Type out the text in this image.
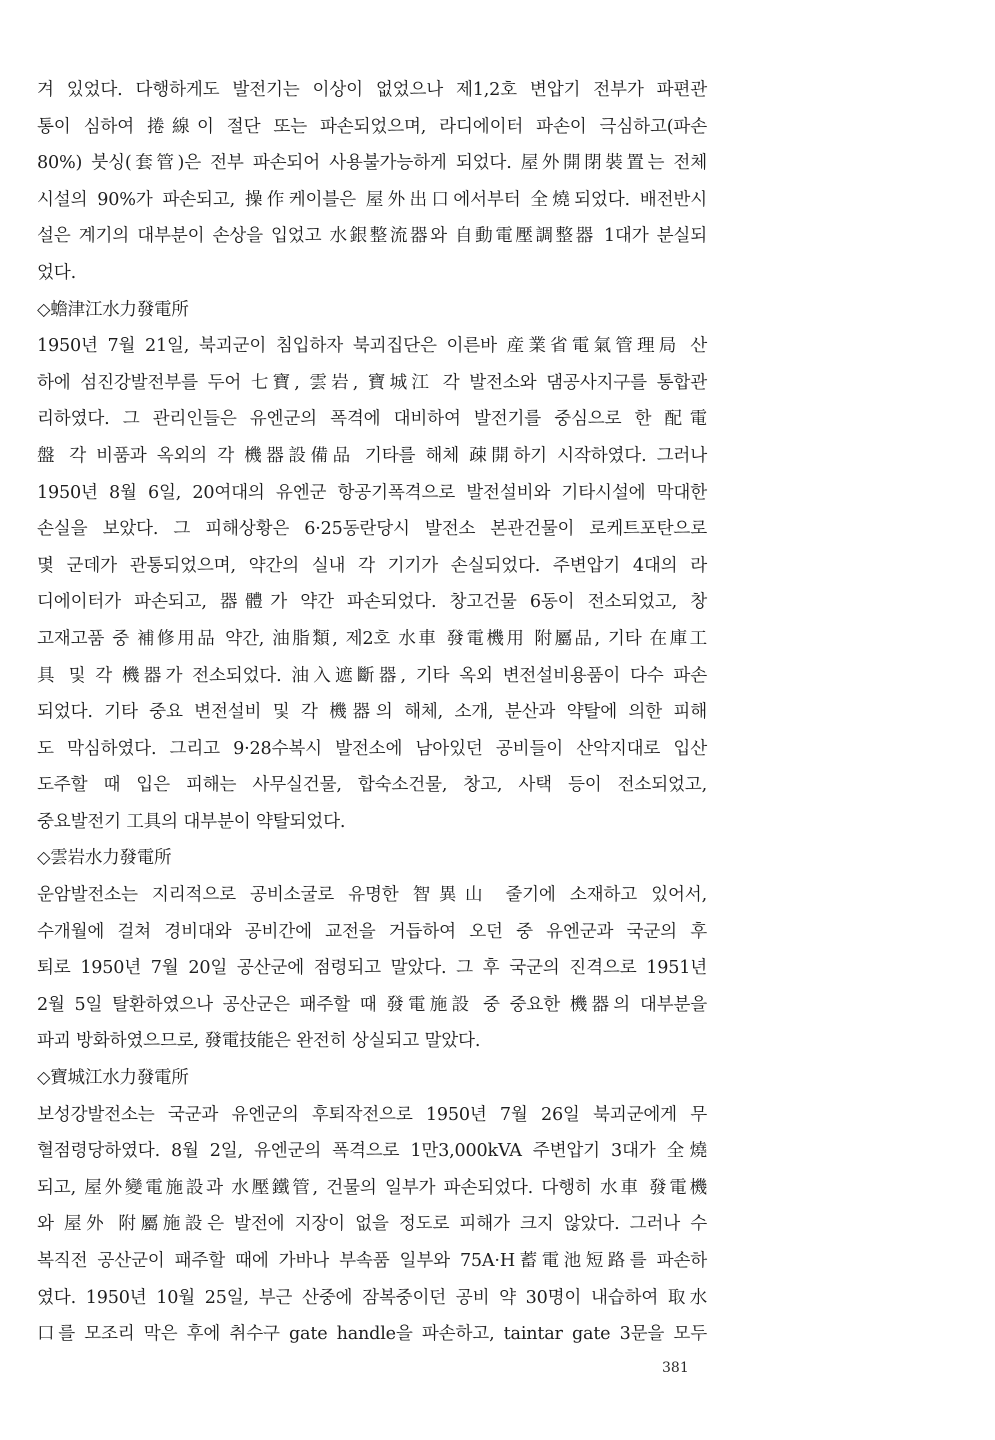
겨 있었다. 다행하게도 발전기는 이상이 없었으나 제1,2호 변압기 전부가 파편관
통이 심하여 捲線이 절단 또는 파손되었으며, 라디에이터 파손이 극심하고(파손
80%) 붓싱(套管)은 전부 파손되어 사용불가능하게 되었다. 屋外開閉裝置는 전체
시설의 90%가 파손되고, 操作케이블은 屋外出口에서부터 全燒되었다. 배전반시
설은 계기의 대부분이 손상을 입었고 水銀整流器와 自動電壓調整器 1대가 분실되
었다.
◇蟾津江水力發電所
1950년 7월 21일, 북괴군이 침입하자 북괴집단은 이른바 産業省電氣管理局 산
하에 섬진강발전부를 두어 七寶, 雲岩, 寶城江 각 발전소와 댐공사지구를 통합관
리하였다. 그 관리인들은 유엔군의 폭격에 대비하여 발전기를 중심으로 한 配電
盤 각 비품과 옥외의 각 機器設備品 기타를 해체 疎開하기 시작하였다. 그러나
1950년 8월 6일, 20여대의 유엔군 항공기폭격으로 발전설비와 기타시설에 막대한
손실을 보았다. 그 피해상황은 6·25동란당시 발전소 본관건물이 로케트포탄으로
몇 군데가 관통되었으며, 약간의 실내 각 기기가 손실되었다. 주변압기 4대의 라
디에이터가 파손되고, 器體가 약간 파손되었다. 창고건물 6동이 전소되었고, 창
고재고품 중 補修用品 약간, 油脂類, 제2호 水車 發電機用 附屬品, 기타 在庫工
具 및 각 機器가 전소되었다. 油入遮斷器, 기타 옥외 변전설비용품이 다수 파손
되었다. 기타 중요 변전설비 및 각 機器의 해체, 소개, 분산과 약탈에 의한 피해
도 막심하였다. 그리고 9·28수복시 발전소에 남아있던 공비들이 산악지대로 입산
도주할 때 입은 피해는 사무실건물, 합숙소건물, 창고, 사택 등이 전소되었고,
중요발전기 工具의 대부분이 약탈되었다.
◇雲岩水力發電所
운암발전소는 지리적으로 공비소굴로 유명한 智異山 줄기에 소재하고 있어서,
수개월에 걸쳐 경비대와 공비간에 교전을 거듭하여 오던 중 유엔군과 국군의 후
퇴로 1950년 7월 20일 공산군에 점령되고 말았다. 그 후 국군의 진격으로 1951년
2월 5일 탈환하였으나 공산군은 패주할 때 發電施設 중 중요한 機器의 대부분을
파괴 방화하였으므로, 發電技能은 완전히 상실되고 말았다.
◇寶城江水力發電所
보성강발전소는 국군과 유엔군의 후퇴작전으로 1950년 7월 26일 북괴군에게 무
혈점령당하였다. 8월 2일, 유엔군의 폭격으로 1만3,000kVA 주변압기 3대가 全燒
되고, 屋外變電施設과 水壓鐵管, 건물의 일부가 파손되었다. 다행히 水車 發電機
와 屋外 附屬施設은 발전에 지장이 없을 정도로 피해가 크지 않았다. 그러나 수
복직전 공산군이 패주할 때에 가바나 부속품 일부와 75A·H蓄電池短路를 파손하
였다. 1950년 10월 25일, 부근 산중에 잠복중이던 공비 약 30명이 내습하여 取水
口를 모조리 막은 후에 취수구 gate handle을 파손하고, taintar gate 3문을 모두
381
